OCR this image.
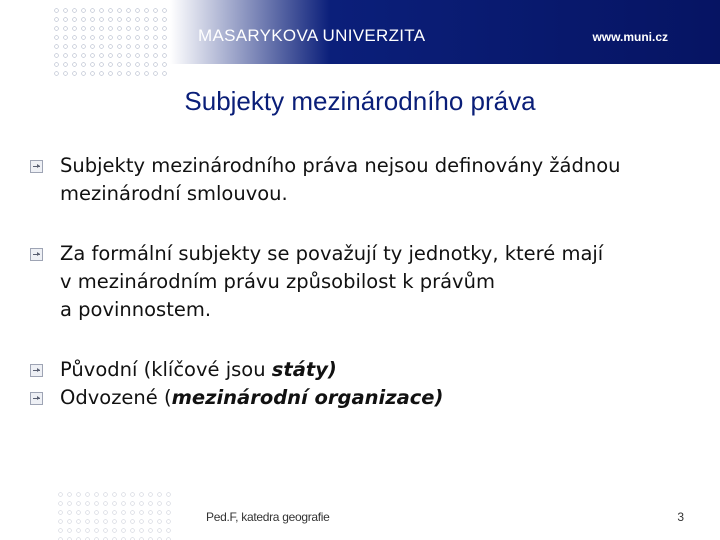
MASARYKOVA UNIVERZITA	www.muni.cz
Subjekty mezinárodního práva
Subjekty mezinárodního práva nejsou definovány žádnou
mezinárodní smlouvou.
Za formální subjekty se považují ty jednotky, které mají
v mezinárodním právu způsobilost k právům
a povinnostem.
Původní (klíčové jsou státy)
Odvozené (mezinárodní organizace)
Ped.F, katedra geografie	3
